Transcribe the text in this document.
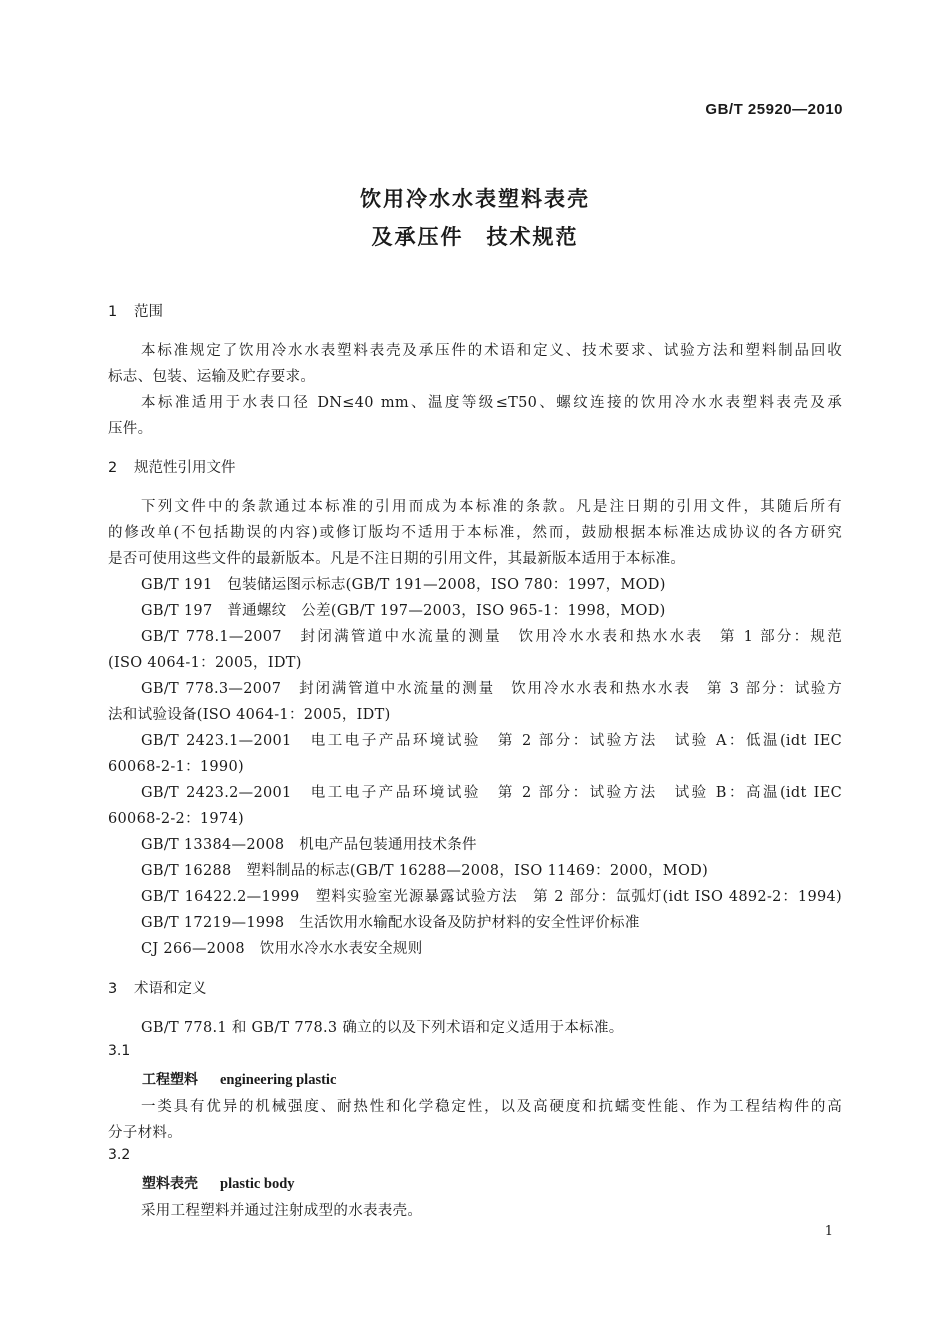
GB/T 25920—2010
饮用冷水水表塑料表壳
及承压件　技术规范
1 范围
本标准规定了饮用冷水水表塑料表壳及承压件的术语和定义、技术要求、试验方法和塑料制品回收
标志、包装、运输及贮存要求。
本标准适用于水表口径 DN≤40 mm、温度等级≤T50、螺纹连接的饮用冷水水表塑料表壳及承
压件。
2 规范性引用文件
下列文件中的条款通过本标准的引用而成为本标准的条款。凡是注日期的引用文件，其随后所有
的修改单(不包括勘误的内容)或修订版均不适用于本标准，然而，鼓励根据本标准达成协议的各方研究
是否可使用这些文件的最新版本。凡是不注日期的引用文件，其最新版本适用于本标准。
GB/T 191　包装储运图示标志(GB/T 191—2008，ISO 780：1997，MOD)
GB/T 197　普通螺纹　公差(GB/T 197—2003，ISO 965-1：1998，MOD)
GB/T 778.1—2007　封闭满管道中水流量的测量　饮用冷水水表和热水水表　第 1 部分：规范
(ISO 4064-1：2005，IDT)
GB/T 778.3—2007　封闭满管道中水流量的测量　饮用冷水水表和热水水表　第 3 部分：试验方
法和试验设备(ISO 4064-1：2005，IDT)
GB/T 2423.1—2001　电工电子产品环境试验　第 2 部分：试验方法　试验 A：低温(idt IEC
60068-2-1：1990)
GB/T 2423.2—2001　电工电子产品环境试验　第 2 部分：试验方法　试验 B：高温(idt IEC
60068-2-2：1974)
GB/T 13384—2008　机电产品包装通用技术条件
GB/T 16288　塑料制品的标志(GB/T 16288—2008，ISO 11469：2000，MOD)
GB/T 16422.2—1999　塑料实验室光源暴露试验方法　第 2 部分：氙弧灯(idt ISO 4892-2：1994)
GB/T 17219—1998　生活饮用水输配水设备及防护材料的安全性评价标准
CJ 266—2008　饮用水冷水水表安全规则
3 术语和定义
GB/T 778.1 和 GB/T 778.3 确立的以及下列术语和定义适用于本标准。
3.1
工程塑料 engineering plastic
一类具有优异的机械强度、耐热性和化学稳定性，以及高硬度和抗蠕变性能、作为工程结构件的高
分子材料。
3.2
塑料表壳 plastic body
采用工程塑料并通过注射成型的水表表壳。
1
